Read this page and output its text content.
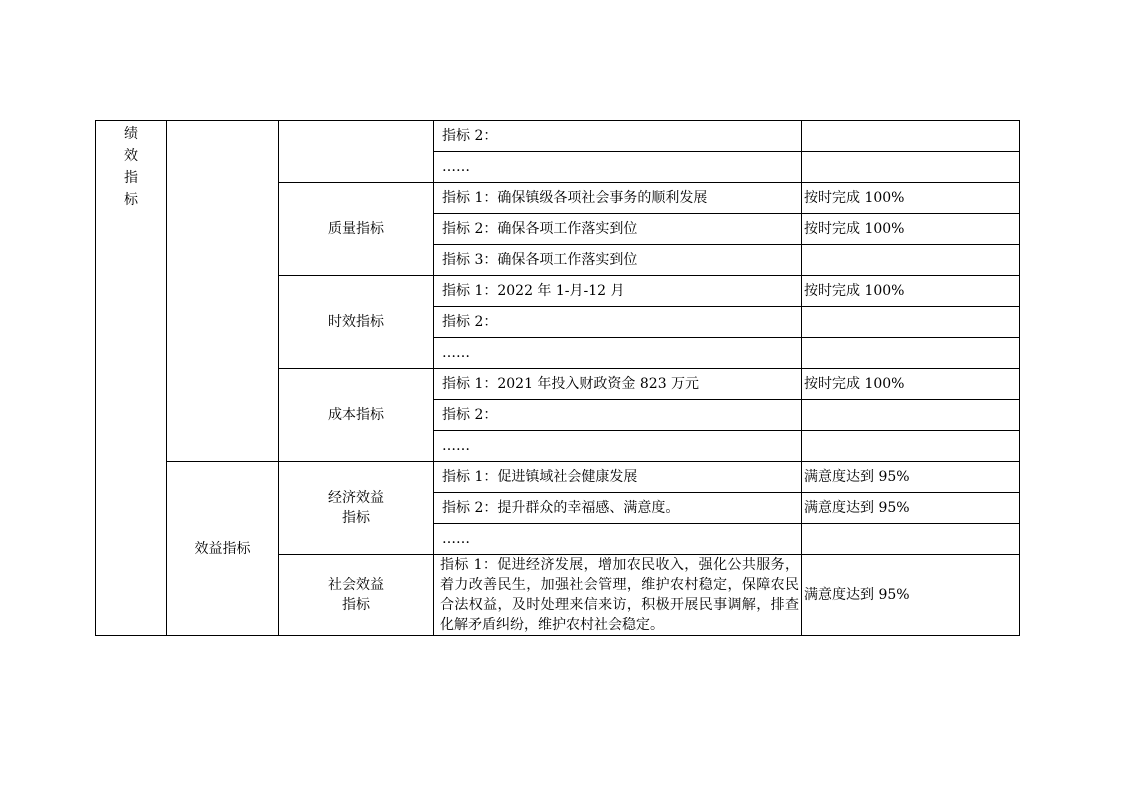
绩
效
指
标			指标 2：	
			……	
		质量指标	指标 1：确保镇级各项社会事务的顺利发展	按时完成 100%
			指标 2：确保各项工作落实到位	按时完成 100%
			指标 3：确保各项工作落实到位	
		时效指标	指标 1：2022 年 1-月-12 月	按时完成 100%
			指标 2：	
			……	
		成本指标	指标 1：2021 年投入财政资金 823 万元	按时完成 100%
			指标 2：	
			……	
	效益指标	经济效益
指标	指标 1：促进镇域社会健康发展	满意度达到 95%
			指标 2：提升群众的幸福感、满意度。	满意度达到 95%
			……	

		社会效益
指标	指标 1：促进经济发展，增加农民收入，强化公共服务，着力改善民生，加强社会管理，维护农村稳定，保障农民合法权益，及时处理来信来访，积极开展民事调解，排查化解矛盾纠纷，维护农村社会稳定。	满意度达到 95%
